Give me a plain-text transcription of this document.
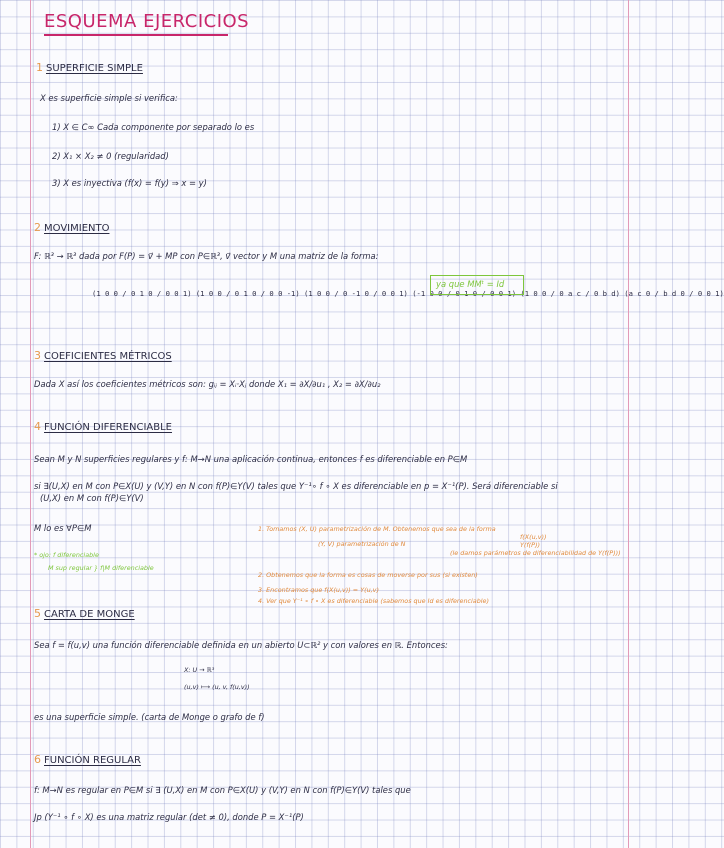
ESQUEMA EJERCICIOS
1 SUPERFICIE SIMPLE
X es superficie simple si verifica:
1) X ∈ C∞ Cada componente por separado lo es
2) X₁ × X₂ ≠ 0 (regularidad)
3) X es inyectiva (f(x) = f(y) ⇒ x = y)
2 MOVIMIENTO
F: ℝ³ → ℝ³ dada por F(P) = v⃗ + MP con P∈ℝ³, v⃗ vector y M una matriz de la forma:
(1 0 0 / 0 1 0 / 0 0 1) (1 0 0 / 0 1 0 / 0 0 -1) (1 0 0 / 0 -1 0 / 0 0 1) (-1 0 0 / 0 1 0 / 0 0 1) (1 0 0 / 0 a c / 0 b d) (a c 0 / b d 0 / 0 0 1)
ya que MMᵗ = Id
3 COEFICIENTES MÉTRICOS
Dada X así los coeficientes métricos son: gᵢⱼ = Xᵢ·Xⱼ donde X₁ = ∂X/∂u₁ , X₂ = ∂X/∂u₂
4 FUNCIÓN DIFERENCIABLE
Sean M y N superficies regulares y f: M→N una aplicación continua, entonces f es diferenciable en P∈M
si ∃(U,X) en M con P∈X(U) y (V,Y) en N con f(P)∈Y(V) tales que Y⁻¹∘ f ∘ X es diferenciable en p = X⁻¹(P). Será diferenciable si
(U,X) en M con f(P)∈Y(V)
M lo es ∀P∈M
* ojo: f diferenciable
M sup regular } f|M diferenciable
1. Tomamos (X, U) parametrización de M. Obtenemos que sea de la forma
f(X(u,v))
(Y, V) parametrización de N	Y(f(P))
(le damos parámetros de diferenciabilidad de Y(f(P)))
2. Obtenemos que la forma es cosas de moverse por sus (si existen)
3. Encontramos que f(X(u,v)) = Y(u,v)
4. Ver que Y⁻¹ ∘ f ∘ X es diferenciable (sabemos que Id es diferenciable)
5 CARTA DE MONGE
Sea f = f(u,v) una función diferenciable definida en un abierto U⊂ℝ² y con valores en ℝ. Entonces:
X: U → ℝ³
(u,v) ⟼ (u, v, f(u,v))
es una superficie simple. (carta de Monge o grafo de f)
6 FUNCIÓN REGULAR
f: M→N es regular en P∈M si ∃ (U,X) en M con P∈X(U) y (V,Y) en N con f(P)∈Y(V) tales que
Jp (Y⁻¹ ∘ f ∘ X) es una matriz regular (det ≠ 0), donde P = X⁻¹(P)
